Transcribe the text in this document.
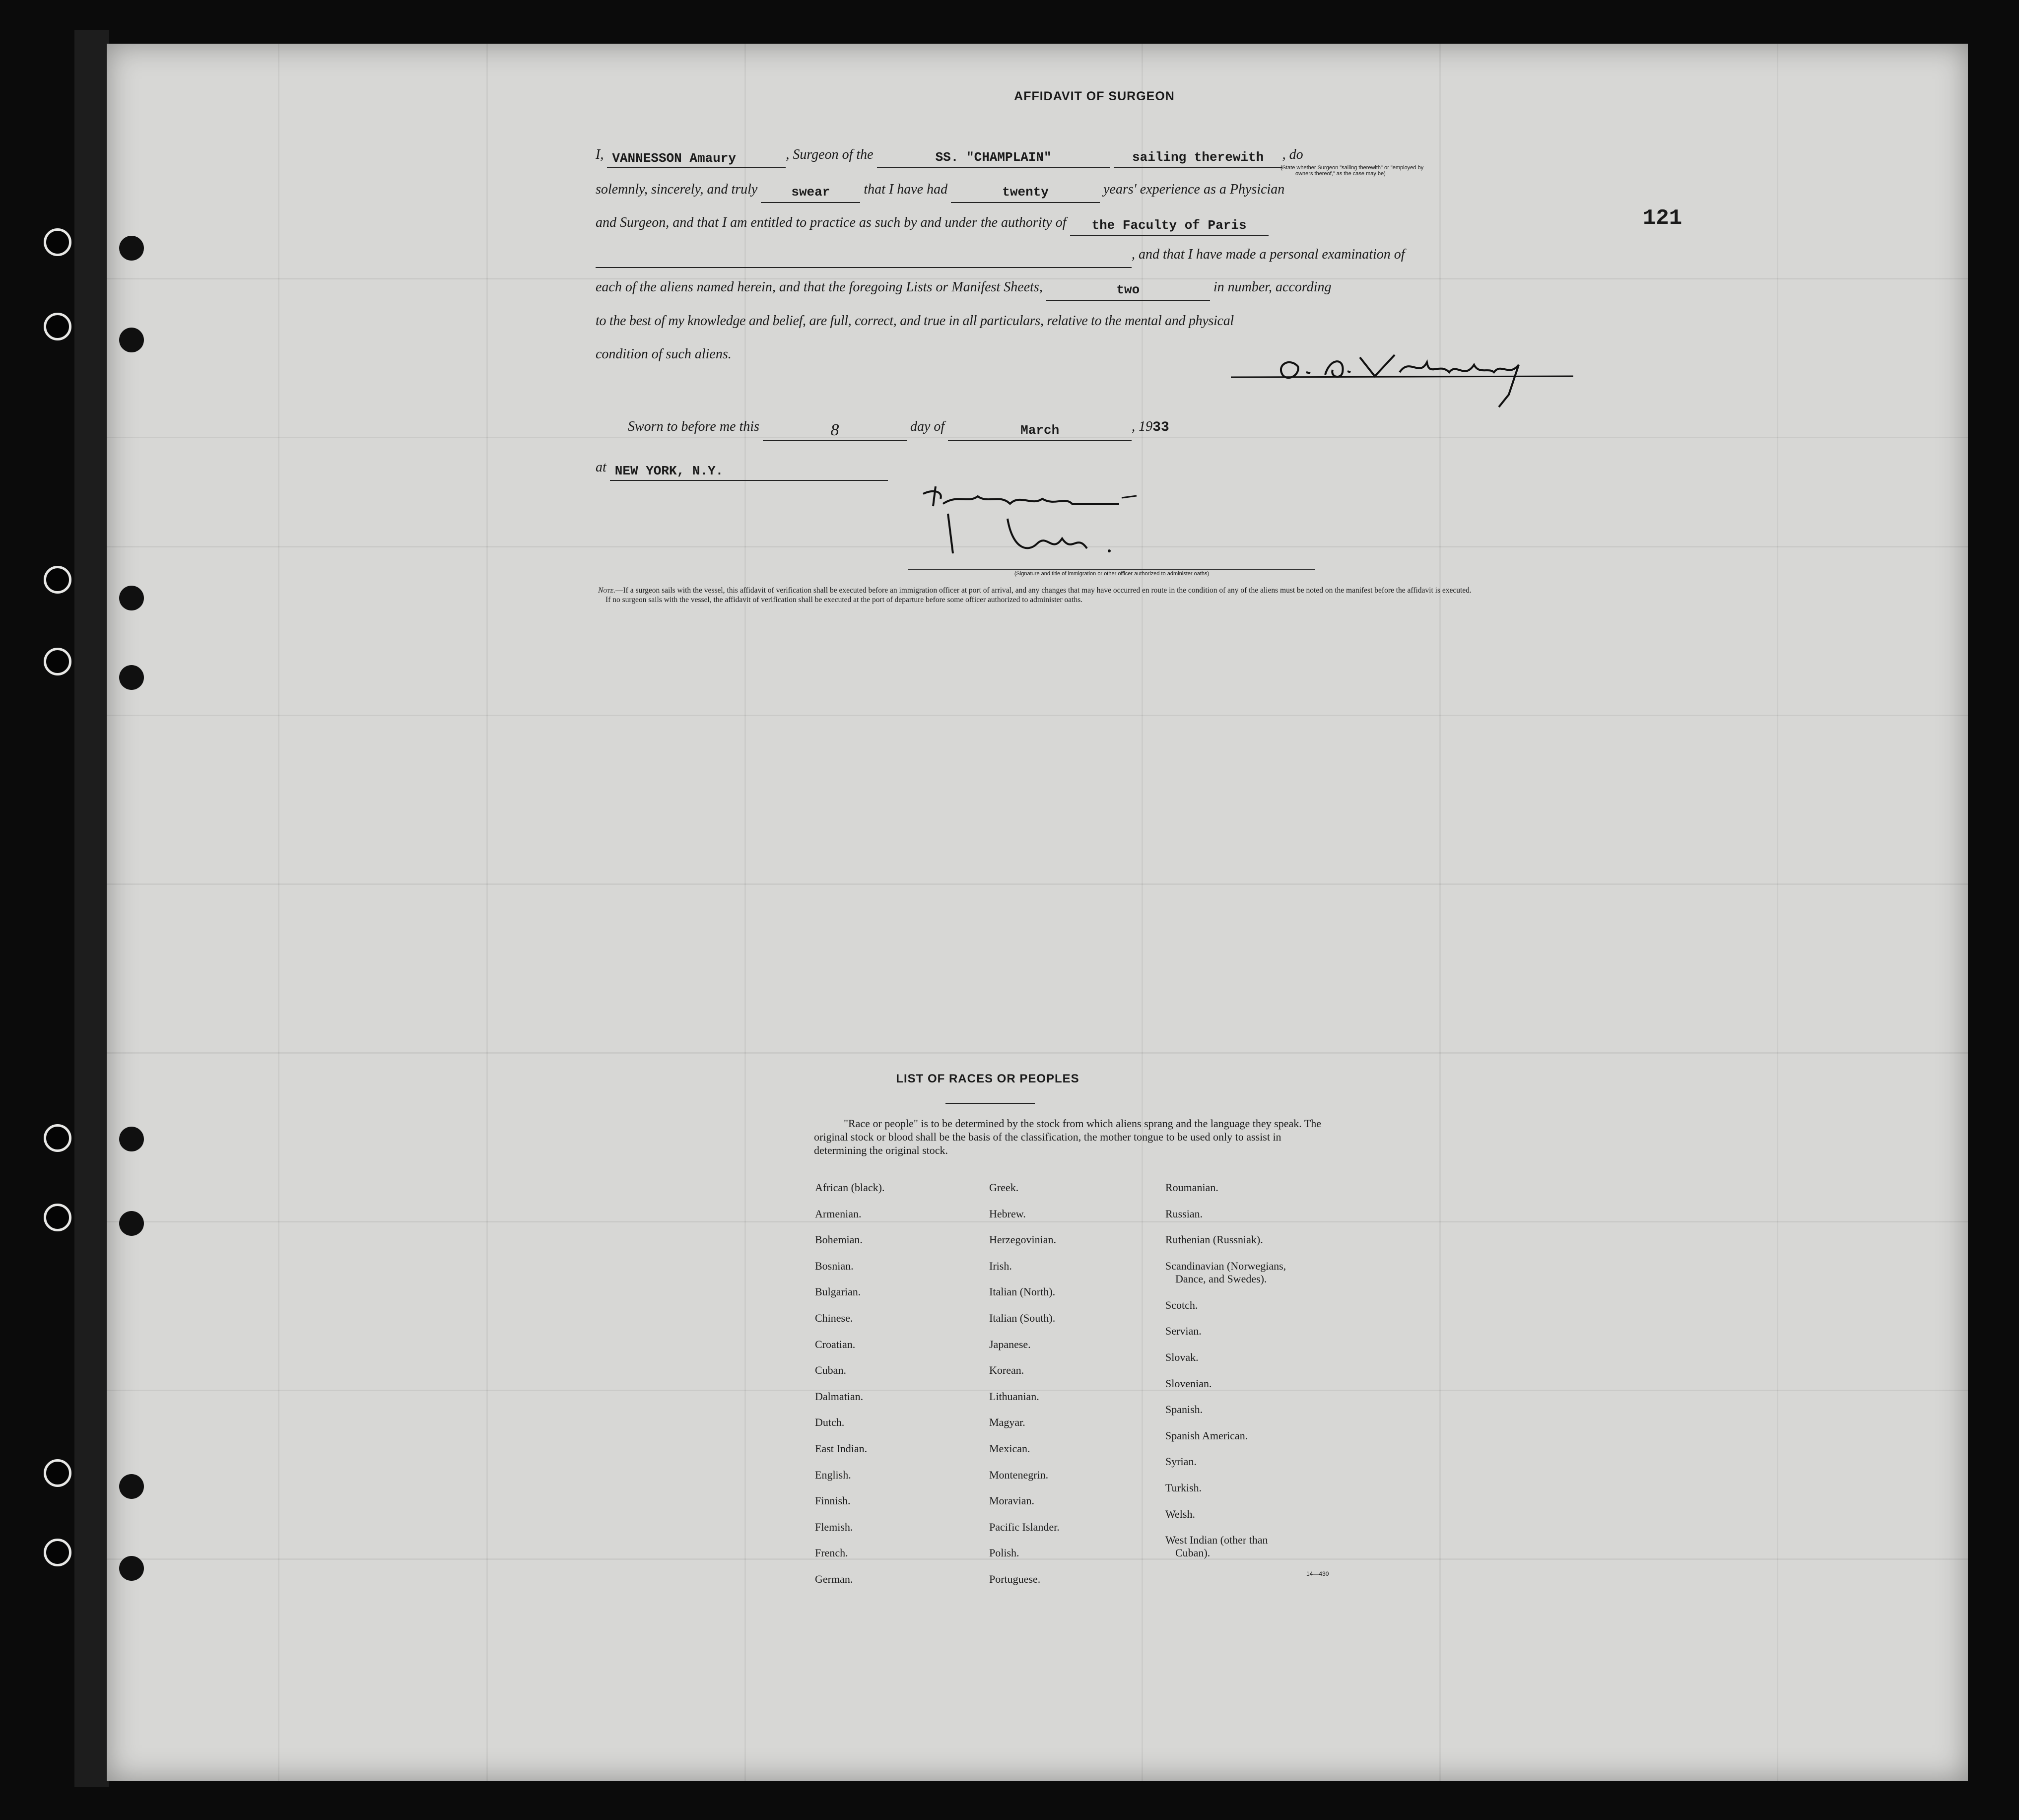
121
AFFIDAVIT OF SURGEON
I, VANNESSON Amaury	, Surgeon of the	SS. "CHAMPLAIN"	sailing therewith , do
(State whether Surgeon "sailing therewith" or "employed by
owners thereof," as the case may be)
solemnly, sincerely, and truly	swear that I have had	twenty	years' experience as a Physician
and Surgeon, and that I am entitled to practice as such by and under the authority of the Faculty of Paris
, and that I have made a personal examination of
each of the aliens named herein, and that the foregoing Lists or Manifest Sheets,	two	in number, according
to the best of my knowledge and belief, are full, correct, and true in all particulars, relative to the mental and physical
condition of such aliens.
Sworn to before me this	8	day of	March	, 1933
at NEW YORK, N.Y.
(Signature and title of immigration or other officer authorized to administer oaths)
Note.—If a surgeon sails with the vessel, this affidavit of verification shall be executed before an immigration officer at port of arrival, and any changes that may have occurred en route in the condition of any of the aliens must be noted on the manifest before the affidavit is executed.
If no surgeon sails with the vessel, the affidavit of verification shall be executed at the port of departure before some officer authorized to administer oaths.
LIST OF RACES OR PEOPLES
"Race or people" is to be determined by the stock from which aliens sprang and the language they speak. The original stock or blood shall be the basis of the classification, the mother tongue to be used only to assist in determining the original stock.
African (black).
Armenian.
Bohemian.
Bosnian.
Bulgarian.
Chinese.
Croatian.
Cuban.
Dalmatian.
Dutch.
East Indian.
English.
Finnish.
Flemish.
French.
German.
Greek.
Hebrew.
Herzegovinian.
Irish.
Italian (North).
Italian (South).
Japanese.
Korean.
Lithuanian.
Magyar.
Mexican.
Montenegrin.
Moravian.
Pacific Islander.
Polish.
Portuguese.
Roumanian.
Russian.
Ruthenian (Russniak).
Scandinavian (Norwegians,
Dance, and Swedes).
Scotch.
Servian.
Slovak.
Slovenian.
Spanish.
Spanish American.
Syrian.
Turkish.
Welsh.
West Indian (other than
Cuban).
14—430
